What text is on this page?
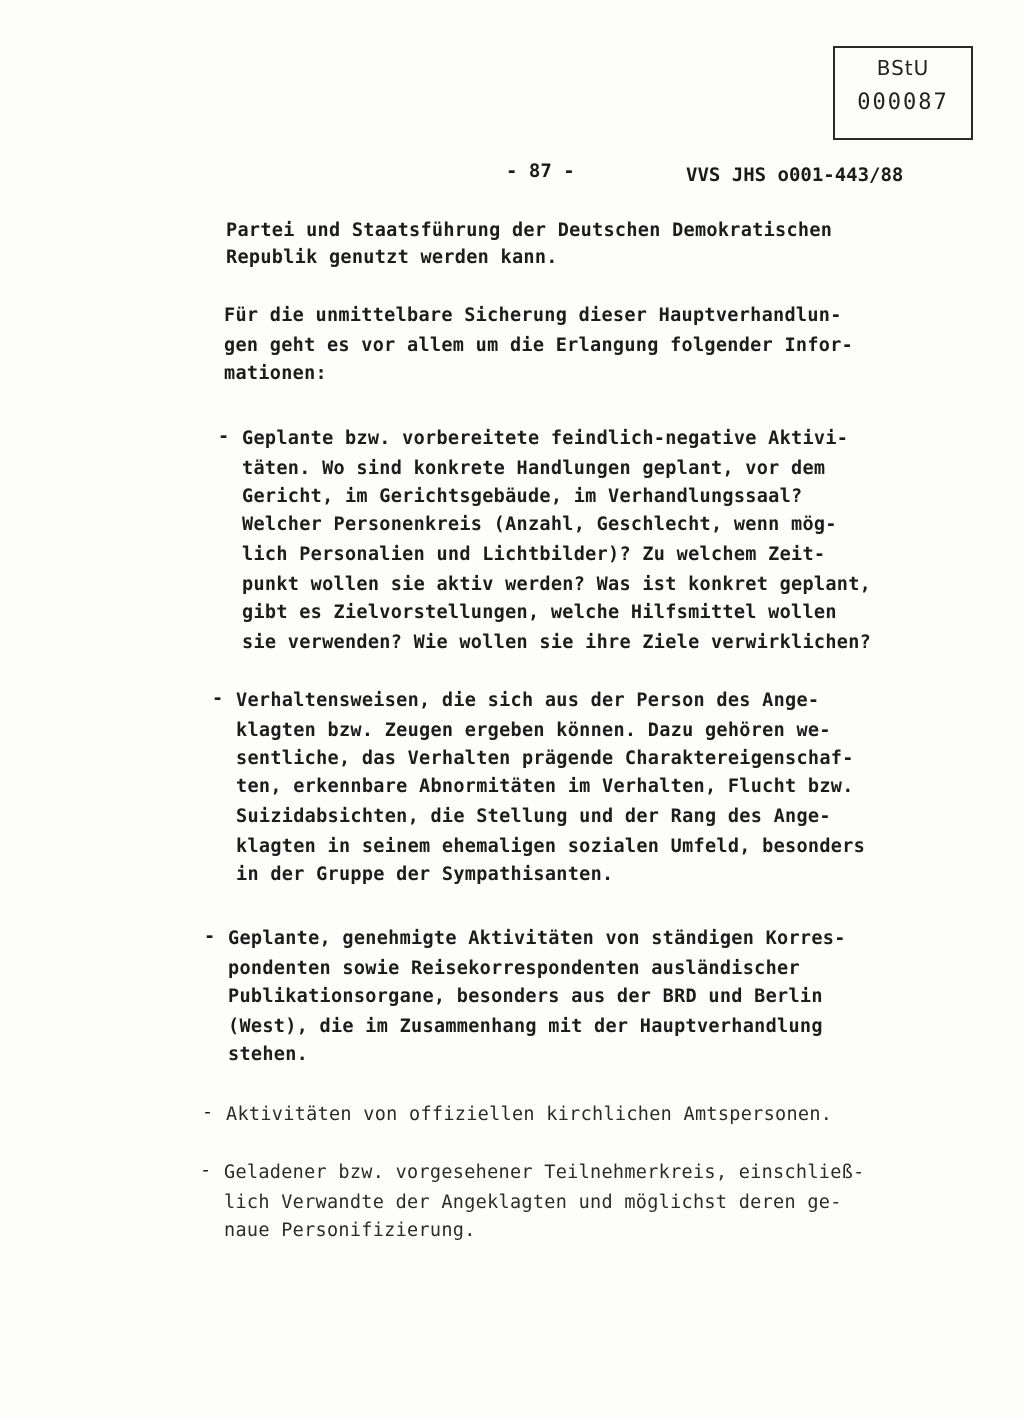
BStU
000087
- 87 -	VVS JHS o001-443/88
Partei und Staatsführung der Deutschen Demokratischen
Republik genutzt werden kann.
Für die unmittelbare Sicherung dieser Hauptverhandlun-
gen geht es vor allem um die Erlangung folgender Infor-
mationen:
- Geplante bzw. vorbereitete feindlich-negative Aktivi-
täten. Wo sind konkrete Handlungen geplant, vor dem
Gericht, im Gerichtsgebäude, im Verhandlungssaal?
Welcher Personenkreis (Anzahl, Geschlecht, wenn mög-
lich Personalien und Lichtbilder)? Zu welchem Zeit-
punkt wollen sie aktiv werden? Was ist konkret geplant,
gibt es Zielvorstellungen, welche Hilfsmittel wollen
sie verwenden? Wie wollen sie ihre Ziele verwirklichen?
- Verhaltensweisen, die sich aus der Person des Ange-
klagten bzw. Zeugen ergeben können. Dazu gehören we-
sentliche, das Verhalten prägende Charaktereigenschaf-
ten, erkennbare Abnormitäten im Verhalten, Flucht bzw.
Suizidabsichten, die Stellung und der Rang des Ange-
klagten in seinem ehemaligen sozialen Umfeld, besonders
in der Gruppe der Sympathisanten.
- Geplante, genehmigte Aktivitäten von ständigen Korres-
pondenten sowie Reisekorrespondenten ausländischer
Publikationsorgane, besonders aus der BRD und Berlin
(West), die im Zusammenhang mit der Hauptverhandlung
stehen.
- Aktivitäten von offiziellen kirchlichen Amtspersonen.
- Geladener bzw. vorgesehener Teilnehmerkreis, einschließ-
lich Verwandte der Angeklagten und möglichst deren ge-
naue Personifizierung.
